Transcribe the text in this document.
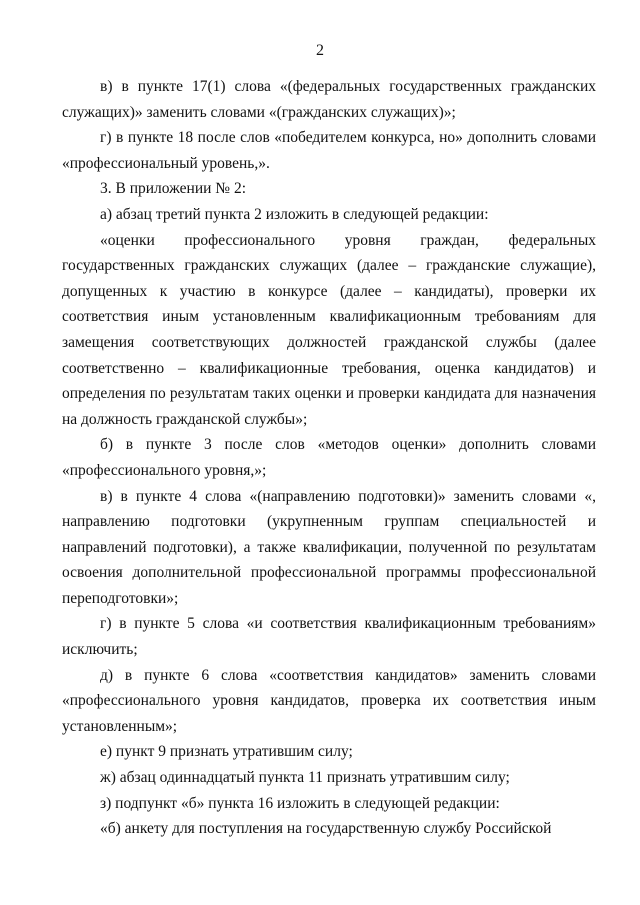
2

в) в пункте 17(1) слова «(федеральных государственных гражданских служащих)» заменить словами «(гражданских служащих)»;

г) в пункте 18 после слов «победителем конкурса, но» дополнить словами «профессиональный уровень,».

3. В приложении № 2:

а) абзац третий пункта 2 изложить в следующей редакции:

«оценки профессионального уровня граждан, федеральных государственных гражданских служащих (далее – гражданские служащие), допущенных к участию в конкурсе (далее – кандидаты), проверки их соответствия иным установленным квалификационным требованиям для замещения соответствующих должностей гражданской службы (далее соответственно – квалификационные требования, оценка кандидатов) и определения по результатам таких оценки и проверки кандидата для назначения на должность гражданской службы»;

б) в пункте 3 после слов «методов оценки» дополнить словами «профессионального уровня,»;

в) в пункте 4 слова «(направлению подготовки)» заменить словами «, направлению подготовки (укрупненным группам специальностей и направлений подготовки), а также квалификации, полученной по результатам освоения дополнительной профессиональной программы профессиональной переподготовки»;

г) в пункте 5 слова «и соответствия квалификационным требованиям» исключить;

д) в пункте 6 слова «соответствия кандидатов» заменить словами «профессионального уровня кандидатов, проверка их соответствия иным установленным»;

е) пункт 9 признать утратившим силу;

ж) абзац одиннадцатый пункта 11 признать утратившим силу;

з) подпункт «б» пункта 16 изложить в следующей редакции:

«б) анкету для поступления на государственную службу Российской
